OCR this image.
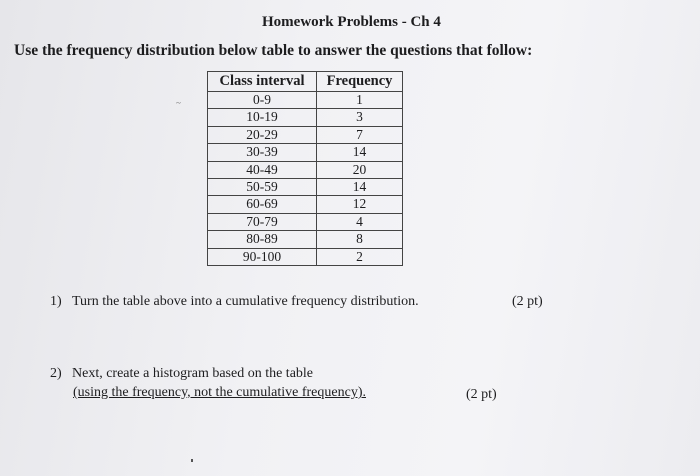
Homework Problems - Ch 4
Use the frequency distribution below table to answer the questions that follow:
~
Class interval	Frequency
0-9	1
10-19	3
20-29	7
30-39	14
40-49	20
50-59	14
60-69	12
70-79	4
80-89	8
90-100	2
1) Turn the table above into a cumulative frequency distribution.	(2 pt)
2) Next, create a histogram based on the table
(using the frequency, not the cumulative frequency).	(2 pt)
